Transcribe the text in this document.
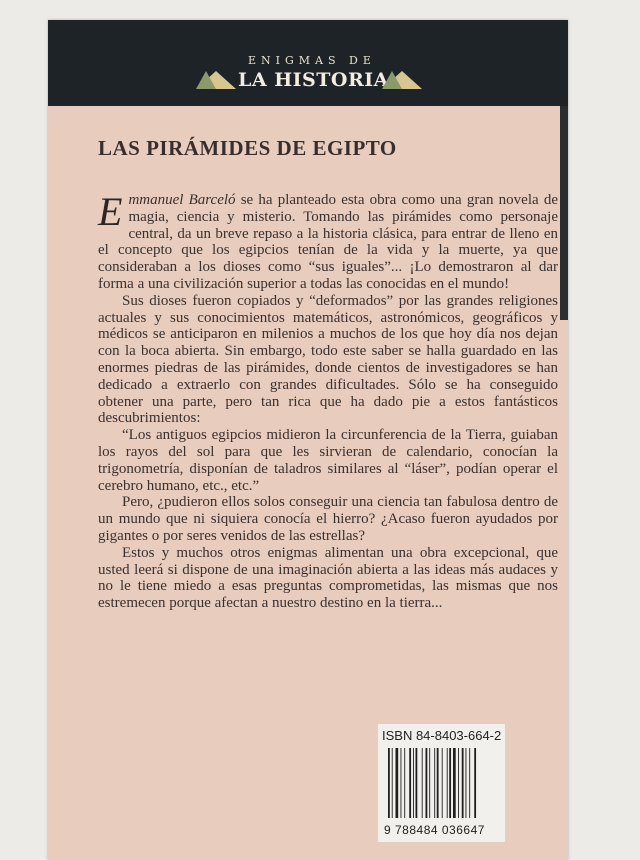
ENIGMAS DE
LA HISTORIA
LAS PIRÁMIDES DE EGIPTO

Emmanuel Barceló se ha planteado esta obra como una gran novela de magia, ciencia y misterio. Tomando las pirámides como personaje central, da un breve repaso a la historia clásica, para entrar de lleno en el concepto que los egipcios tenían de la vida y la muerte, ya que consideraban a los dioses como “sus iguales”... ¡Lo demostraron al dar forma a una civilización superior a todas las conocidas en el mundo!

Sus dioses fueron copiados y “deformados” por las grandes religiones actuales y sus conocimientos matemáticos, astronómicos, geográficos y médicos se anticiparon en milenios a muchos de los que hoy día nos dejan con la boca abierta. Sin embargo, todo este saber se halla guardado en las enormes piedras de las pirámides, donde cientos de investigadores se han dedicado a extraerlo con grandes dificultades. Sólo se ha conseguido obtener una parte, pero tan rica que ha dado pie a estos fantásticos descubrimientos:

“Los antiguos egipcios midieron la circunferencia de la Tierra, guiaban los rayos del sol para que les sirvieran de calendario, conocían la trigonometría, disponían de taladros similares al “láser”, podían operar el cerebro humano, etc., etc.”

Pero, ¿pudieron ellos solos conseguir una ciencia tan fabulosa dentro de un mundo que ni siquiera conocía el hierro? ¿Acaso fueron ayudados por gigantes o por seres venidos de las estrellas?

Estos y muchos otros enigmas alimentan una obra excepcional, que usted leerá si dispone de una imaginación abierta a las ideas más audaces y no le tiene miedo a esas preguntas comprometidas, las mismas que nos estremecen porque afectan a nuestro destino en la tierra...

ISBN 84-8403-664-2
9 788484 036647
